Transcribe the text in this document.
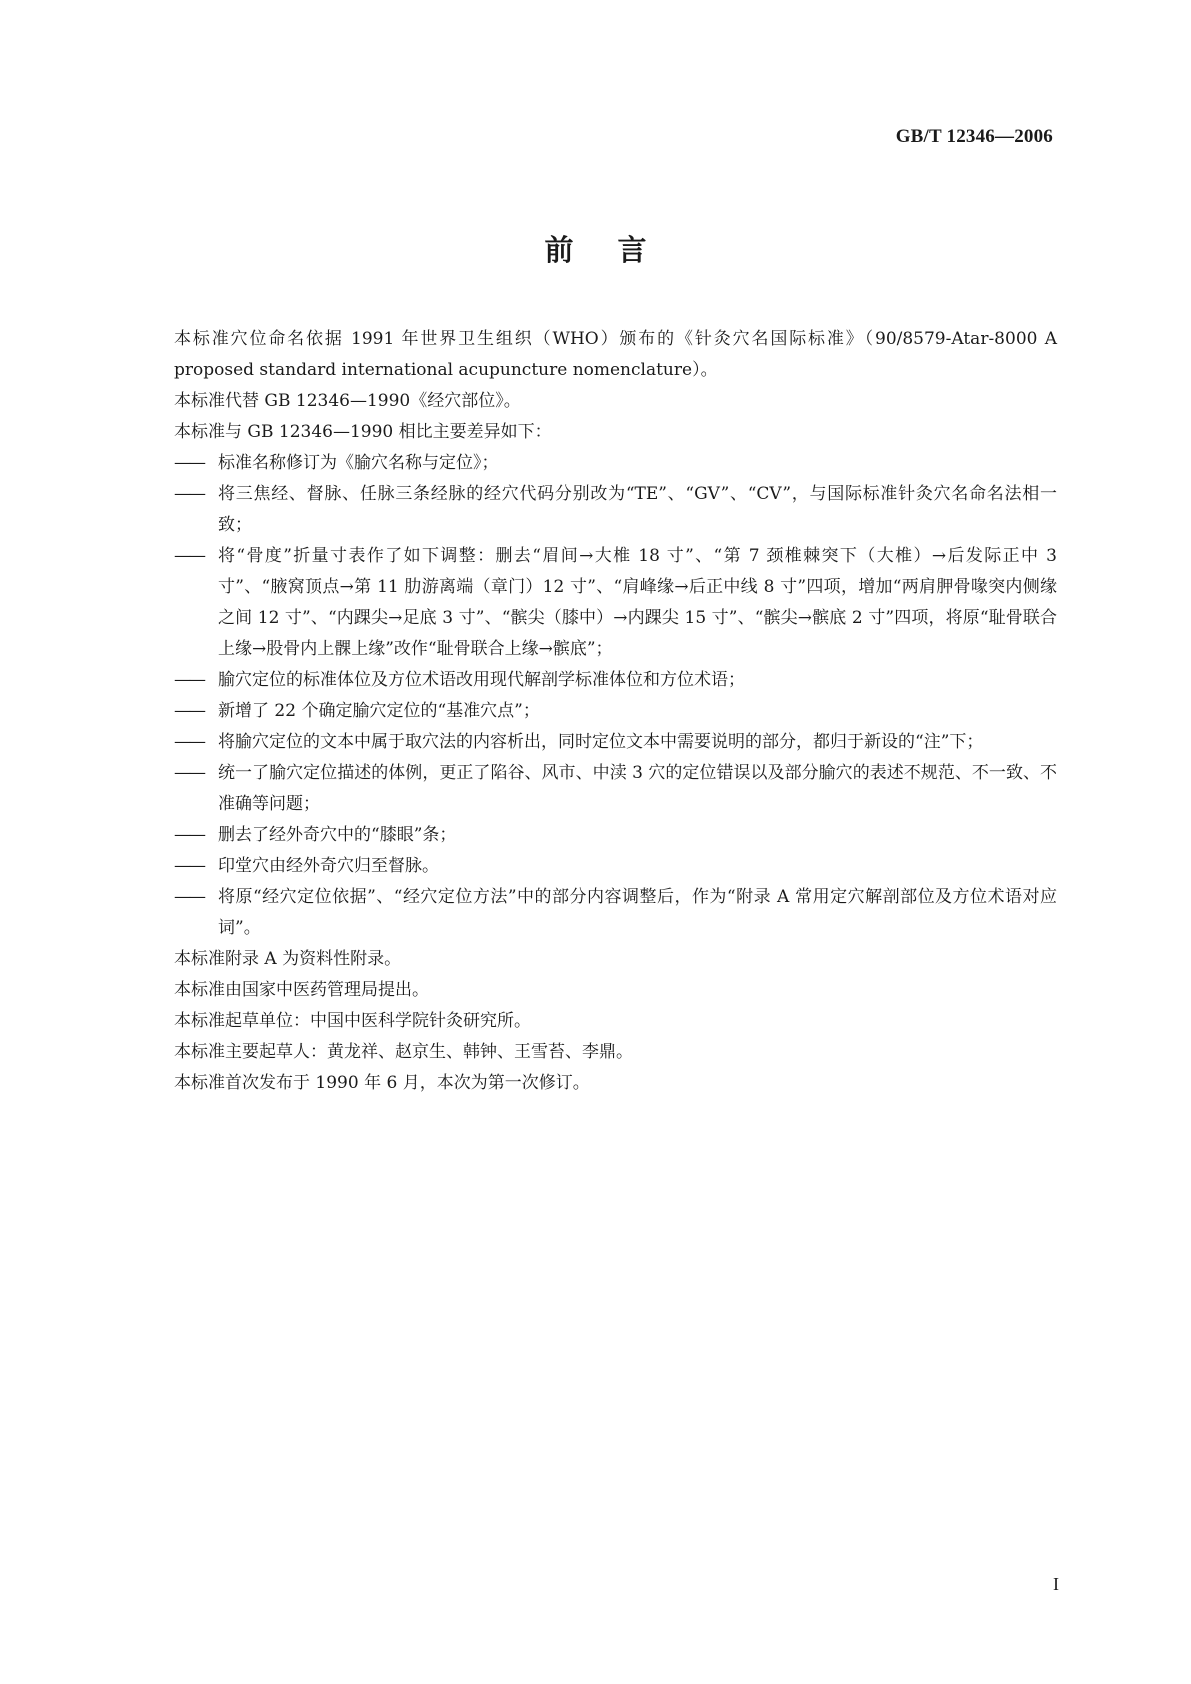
GB/T 12346—2006
前言

本标准穴位命名依据 1991 年世界卫生组织（WHO）颁布的《针灸穴名国际标准》（90/8579-Atar-8000 A proposed standard international acupuncture nomenclature）。

本标准代替 GB 12346—1990《经穴部位》。

本标准与 GB 12346—1990 相比主要差异如下：

—— 标准名称修订为《腧穴名称与定位》；
—— 将三焦经、督脉、任脉三条经脉的经穴代码分别改为“TE”、“GV”、“CV”，与国际标准针灸穴名命名法相一致；
—— 将“骨度”折量寸表作了如下调整：删去“眉间→大椎 18 寸”、“第 7 颈椎棘突下（大椎）→后发际正中 3 寸”、“腋窝顶点→第 11 肋游离端（章门）12 寸”、“肩峰缘→后正中线 8 寸”四项，增加“两肩胛骨喙突内侧缘之间 12 寸”、“内踝尖→足底 3 寸”、“髌尖（膝中）→内踝尖 15 寸”、“髌尖→髌底 2 寸”四项，将原“耻骨联合上缘→股骨内上髁上缘”改作“耻骨联合上缘→髌底”；
—— 腧穴定位的标准体位及方位术语改用现代解剖学标准体位和方位术语；
—— 新增了 22 个确定腧穴定位的“基准穴点”；
—— 将腧穴定位的文本中属于取穴法的内容析出，同时定位文本中需要说明的部分，都归于新设的“注”下；
—— 统一了腧穴定位描述的体例，更正了陷谷、风市、中渎 3 穴的定位错误以及部分腧穴的表述不规范、不一致、不准确等问题；
—— 删去了经外奇穴中的“膝眼”条；
—— 印堂穴由经外奇穴归至督脉。
—— 将原“经穴定位依据”、“经穴定位方法”中的部分内容调整后，作为“附录 A 常用定穴解剖部位及方位术语对应词”。

本标准附录 A 为资料性附录。

本标准由国家中医药管理局提出。

本标准起草单位：中国中医科学院针灸研究所。

本标准主要起草人：黄龙祥、赵京生、韩钟、王雪苔、李鼎。

本标准首次发布于 1990 年 6 月，本次为第一次修订。

I
